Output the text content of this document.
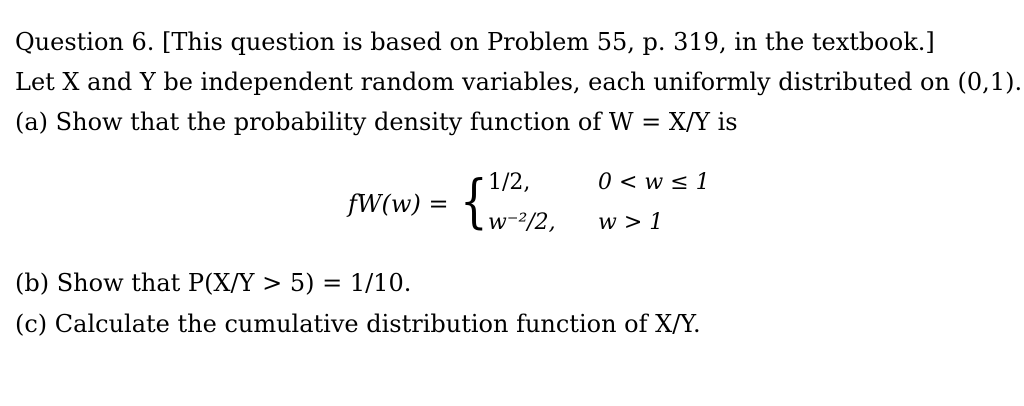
Question 6. [This question is based on Problem 55, p. 319, in the textbook.]
Let X and Y be independent random variables, each uniformly distributed on (0,1).
(a) Show that the probability density function of W = X/Y is
fW(w) = { 1/2,	0 < w ≤ 1
w⁻²/2, w > 1
(b) Show that P(X/Y > 5) = 1/10.
(c) Calculate the cumulative distribution function of X/Y.
